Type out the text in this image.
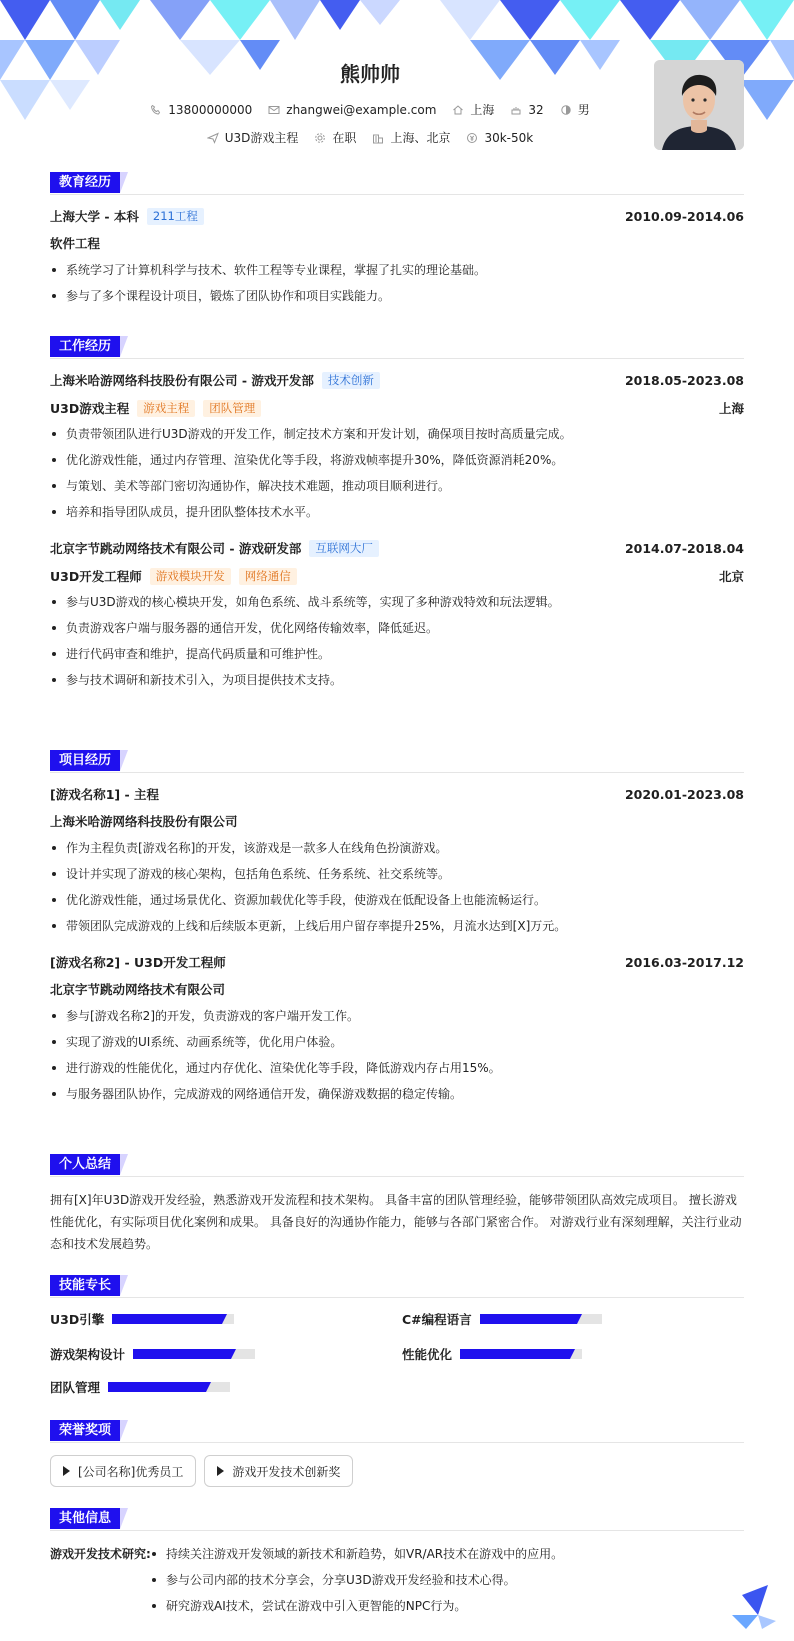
熊帅帅
13800000000	zhangwei@example.com	上海	32	男
U3D游戏主程	在职	上海、北京	30k-50k
教育经历
上海大学 - 本科	211工程	2010.09-2014.06
软件工程
系统学习了计算机科学与技术、软件工程等专业课程，掌握了扎实的理论基础。
参与了多个课程设计项目，锻炼了团队协作和项目实践能力。
工作经历
上海米哈游网络科技股份有限公司 - 游戏开发部	技术创新	2018.05-2023.08
U3D游戏主程	游戏主程	团队管理	上海
负责带领团队进行U3D游戏的开发工作，制定技术方案和开发计划，确保项目按时高质量完成。
优化游戏性能，通过内存管理、渲染优化等手段，将游戏帧率提升30%，降低资源消耗20%。
与策划、美术等部门密切沟通协作，解决技术难题，推动项目顺利进行。
培养和指导团队成员，提升团队整体技术水平。
北京字节跳动网络技术有限公司 - 游戏研发部	互联网大厂	2014.07-2018.04
U3D开发工程师	游戏模块开发	网络通信	北京
参与U3D游戏的核心模块开发，如角色系统、战斗系统等，实现了多种游戏特效和玩法逻辑。
负责游戏客户端与服务器的通信开发，优化网络传输效率，降低延迟。
进行代码审查和维护，提高代码质量和可维护性。
参与技术调研和新技术引入，为项目提供技术支持。
项目经历
[游戏名称1] - 主程	2020.01-2023.08
上海米哈游网络科技股份有限公司
作为主程负责[游戏名称]的开发，该游戏是一款多人在线角色扮演游戏。
设计并实现了游戏的核心架构，包括角色系统、任务系统、社交系统等。
优化游戏性能，通过场景优化、资源加载优化等手段，使游戏在低配设备上也能流畅运行。
带领团队完成游戏的上线和后续版本更新，上线后用户留存率提升25%，月流水达到[X]万元。
[游戏名称2] - U3D开发工程师	2016.03-2017.12
北京字节跳动网络技术有限公司
参与[游戏名称2]的开发，负责游戏的客户端开发工作。
实现了游戏的UI系统、动画系统等，优化用户体验。
进行游戏的性能优化，通过内存优化、渲染优化等手段，降低游戏内存占用15%。
与服务器团队协作，完成游戏的网络通信开发，确保游戏数据的稳定传输。
个人总结
拥有[X]年U3D游戏开发经验，熟悉游戏开发流程和技术架构。 具备丰富的团队管理经验，能够带领团队高效完成项目。 擅长游戏
性能优化，有实际项目优化案例和成果。 具备良好的沟通协作能力，能够与各部门紧密合作。 对游戏行业有深刻理解，关注行业动
态和技术发展趋势。
技能专长
U3D引擎	C#编程语言
游戏架构设计	性能优化
团队管理
荣誉奖项
[公司名称]优秀员工	游戏开发技术创新奖
其他信息
游戏开发技术研究:	持续关注游戏开发领域的新技术和新趋势，如VR/AR技术在游戏中的应用。
参与公司内部的技术分享会，分享U3D游戏开发经验和技术心得。
研究游戏AI技术，尝试在游戏中引入更智能的NPC行为。
